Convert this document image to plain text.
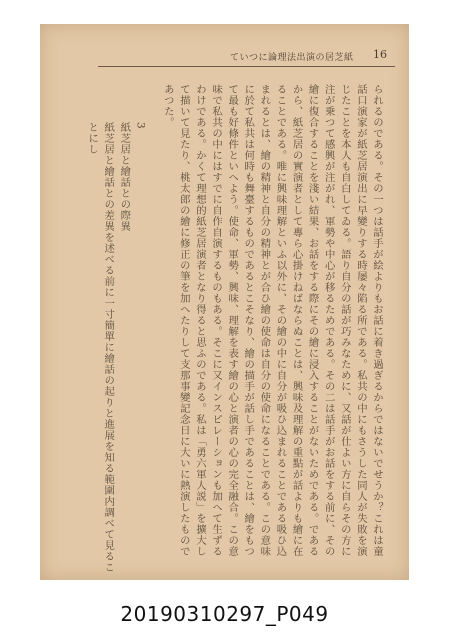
ていつに論理法出演の居芝紙 16
られるのである。その一つは話手が絵よりもお話に着き過ぎるからではないでせうか？これは童話口演家が紙芝居演出に早變りする時屡々陷る所である。私共の中にもさうした同人が失敗を演じたことを本人も自白してゐる。語り自分の話が巧みなために、又話が仕よい方に自らその方に注が乗つて感興が注がれ、軍勢や中心が移るためである。その二は話手がお話をする前に、その繪に復合することを淺い結果、お話をする際にその繪に浸入することがないためである。であるから、紙芝居の實演者として專ら心掛けねばならぬことは、興味及理解の重點が話よりも繪に在ることである。唯に興味理解といふ以外に、その繪の中に自分が吸ひ込まれることである吸ひ込まれるとは、繪の精神と自分の精神とが合ひ繪の使命は自分の使命になることである。この意味に於て私共は何時も舞臺するものであるとこそなり、繪の描手が話し手であることは、繪をもつて最も好條件といへよう。使命、軍勢、興味、理解を表す繪の心と演者の心の完全融合。この意味で私共の中にはすでに自作自演するものもある。そこに又インスピレーションも加へて生ずるわけである。かくて理想的紙芝居演者となり得ると思ふのである。私は「勇六軍人説」を擴大して描いて見たり、桃太郎の繪に修正の筆を加へたりして支那事變記念日に大いに熱演したものであつた。
3
紙芝居と繪話との際異
紙芝居と繪話との差異を述べる前に一寸簡單に繪話の起りと進展を知る範圍内調べて見ることにし
20190310297_P049
